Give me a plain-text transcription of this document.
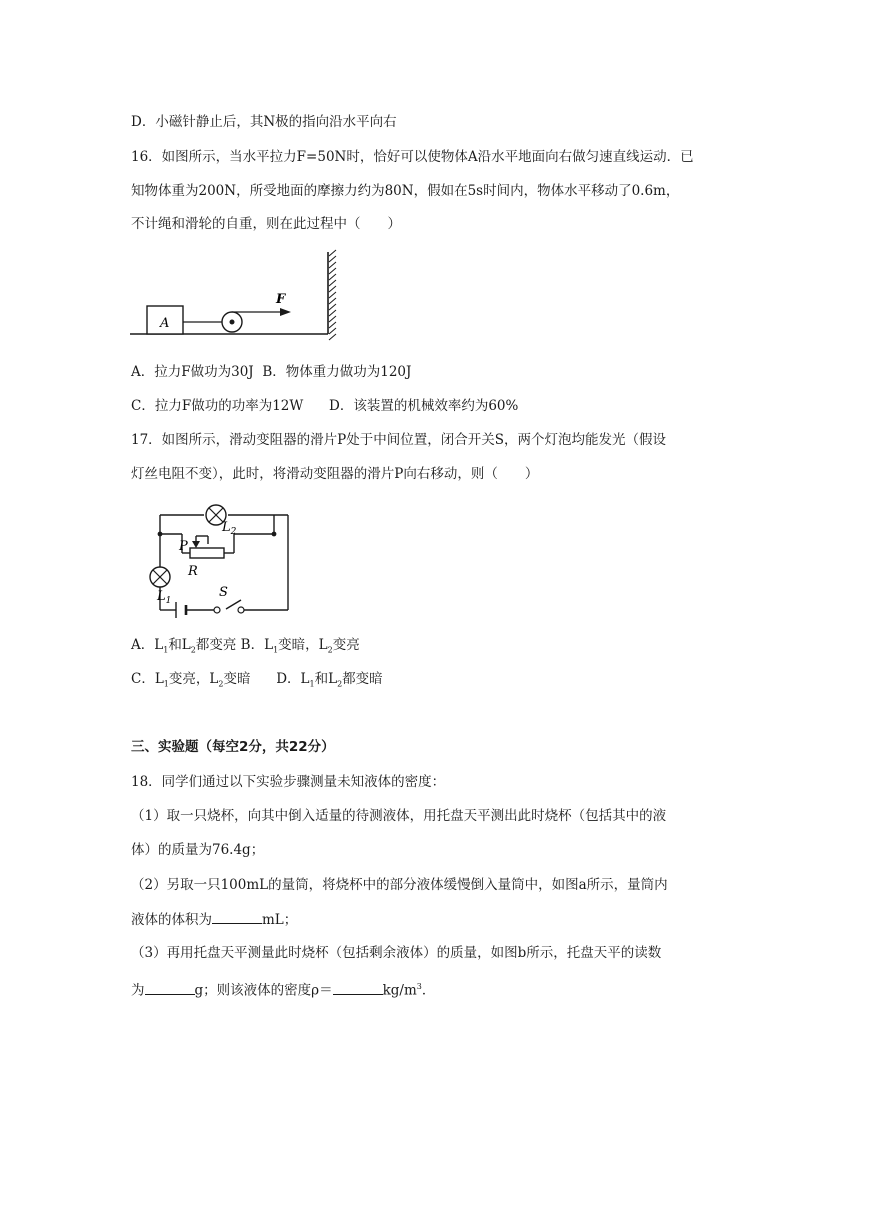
D．小磁针静止后，其N极的指向沿水平向右
16．如图所示，当水平拉力F=50N时，恰好可以使物体A沿水平地面向右做匀速直线运动．已
知物体重为200N，所受地面的摩擦力约为80N，假如在5s时间内，物体水平移动了0.6m，
不计绳和滑轮的自重，则在此过程中（　　）
A
F
A．拉力F做功为30J B．物体重力做功为120J
C．拉力F做功的功率为12W D．该装置的机械效率约为60%
17．如图所示，滑动变阻器的滑片P处于中间位置，闭合开关S，两个灯泡均能发光（假设
灯丝电阻不变），此时，将滑动变阻器的滑片P向右移动，则（　　）
$L_2$
$L_1$
P
R
S
A．$L_1$和$L_2$都变亮 B．$L_1$变暗，$L_2$变亮
C．$L_1$变亮，$L_2$变暗 D．$L_1$和$L_2$都变暗
三、实验题（每空2分，共22分）
18．同学们通过以下实验步骤测量未知液体的密度：
（1）取一只烧杯，向其中倒入适量的待测液体，用托盘天平测出此时烧杯（包括其中的液
体）的质量为76.4g；
（2）另取一只100mL的量筒，将烧杯中的部分液体缓慢倒入量筒中，如图a所示，量筒内
液体的体积为	mL；
（3）再用托盘天平测量此时烧杯（包括剩余液体）的质量，如图b所示，托盘天平的读数
为	g；则该液体的密度ρ＝	$kg/m^3$．
